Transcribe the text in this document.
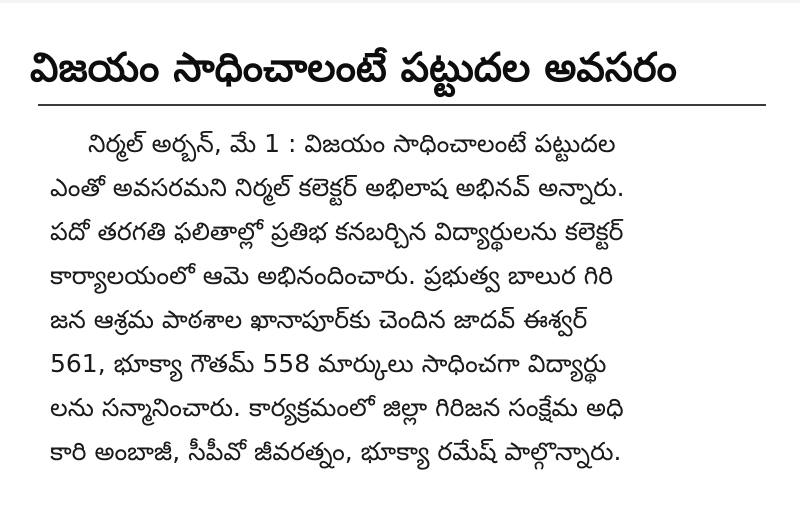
విజయం సాధించాలంటే పట్టుదల అవసరం
నిర్మల్ అర్బన్, మే 1 : విజయం సాధించాలంటే పట్టుదల
ఎంతో అవసరమని నిర్మల్ కలెక్టర్ అభిలాష అభినవ్ అన్నారు.
పదో తరగతి ఫలితాల్లో ప్రతిభ కనబర్చిన విద్యార్థులను కలెక్టర్
కార్యాలయంలో ఆమె అభినందించారు. ప్రభుత్వ బాలుర గిరి
జన ఆశ్రమ పాఠశాల ఖానాపూర్‌కు చెందిన జాదవ్ ఈశ్వర్
561, భూక్యా గౌతమ్ 558 మార్కులు సాధించగా విద్యార్థు
లను సన్మానించారు. కార్యక్రమంలో జిల్లా గిరిజన సంక్షేమ అధి
కారి అంబాజీ, సీపీవో జీవరత్నం, భూక్యా రమేష్ పాల్గొన్నారు.
